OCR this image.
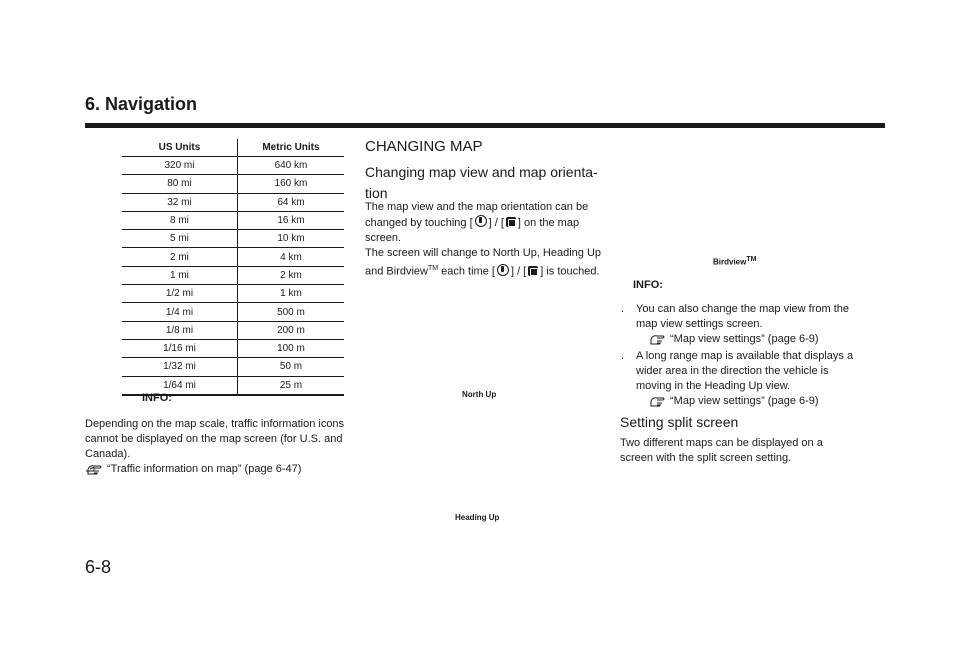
6. Navigation
US Units	Metric Units
320 mi	640 km
80 mi	160 km
32 mi	64 km
8 mi	16 km
5 mi	10 km
2 mi	4 km
1 mi	2 km
1/2 mi	1 km
1/4 mi	500 m
1/8 mi	200 m
1/16 mi	100 m
1/32 mi	50 m
1/64 mi	25 m
INFO:
Depending on the map scale, traffic information icons cannot be displayed on the map screen (for U.S. and Canada).
“Traffic information on map” (page 6-47)
CHANGING MAP
Changing map view and map orienta-tion
The map view and the map orientation can be changed by touching [ ] / [ ] on the map screen.
The screen will change to North Up, Heading Up and Birdview™ each time [ ] / [ ] is touched.
North Up
Heading Up
Birdview™
INFO:
. You can also change the map view from the map view settings screen.
“Map view settings” (page 6-9)
. A long range map is available that displays a wider area in the direction the vehicle is moving in the Heading Up view.
“Map view settings” (page 6-9)
Setting split screen
Two different maps can be displayed on a screen with the split screen setting.
6-8
